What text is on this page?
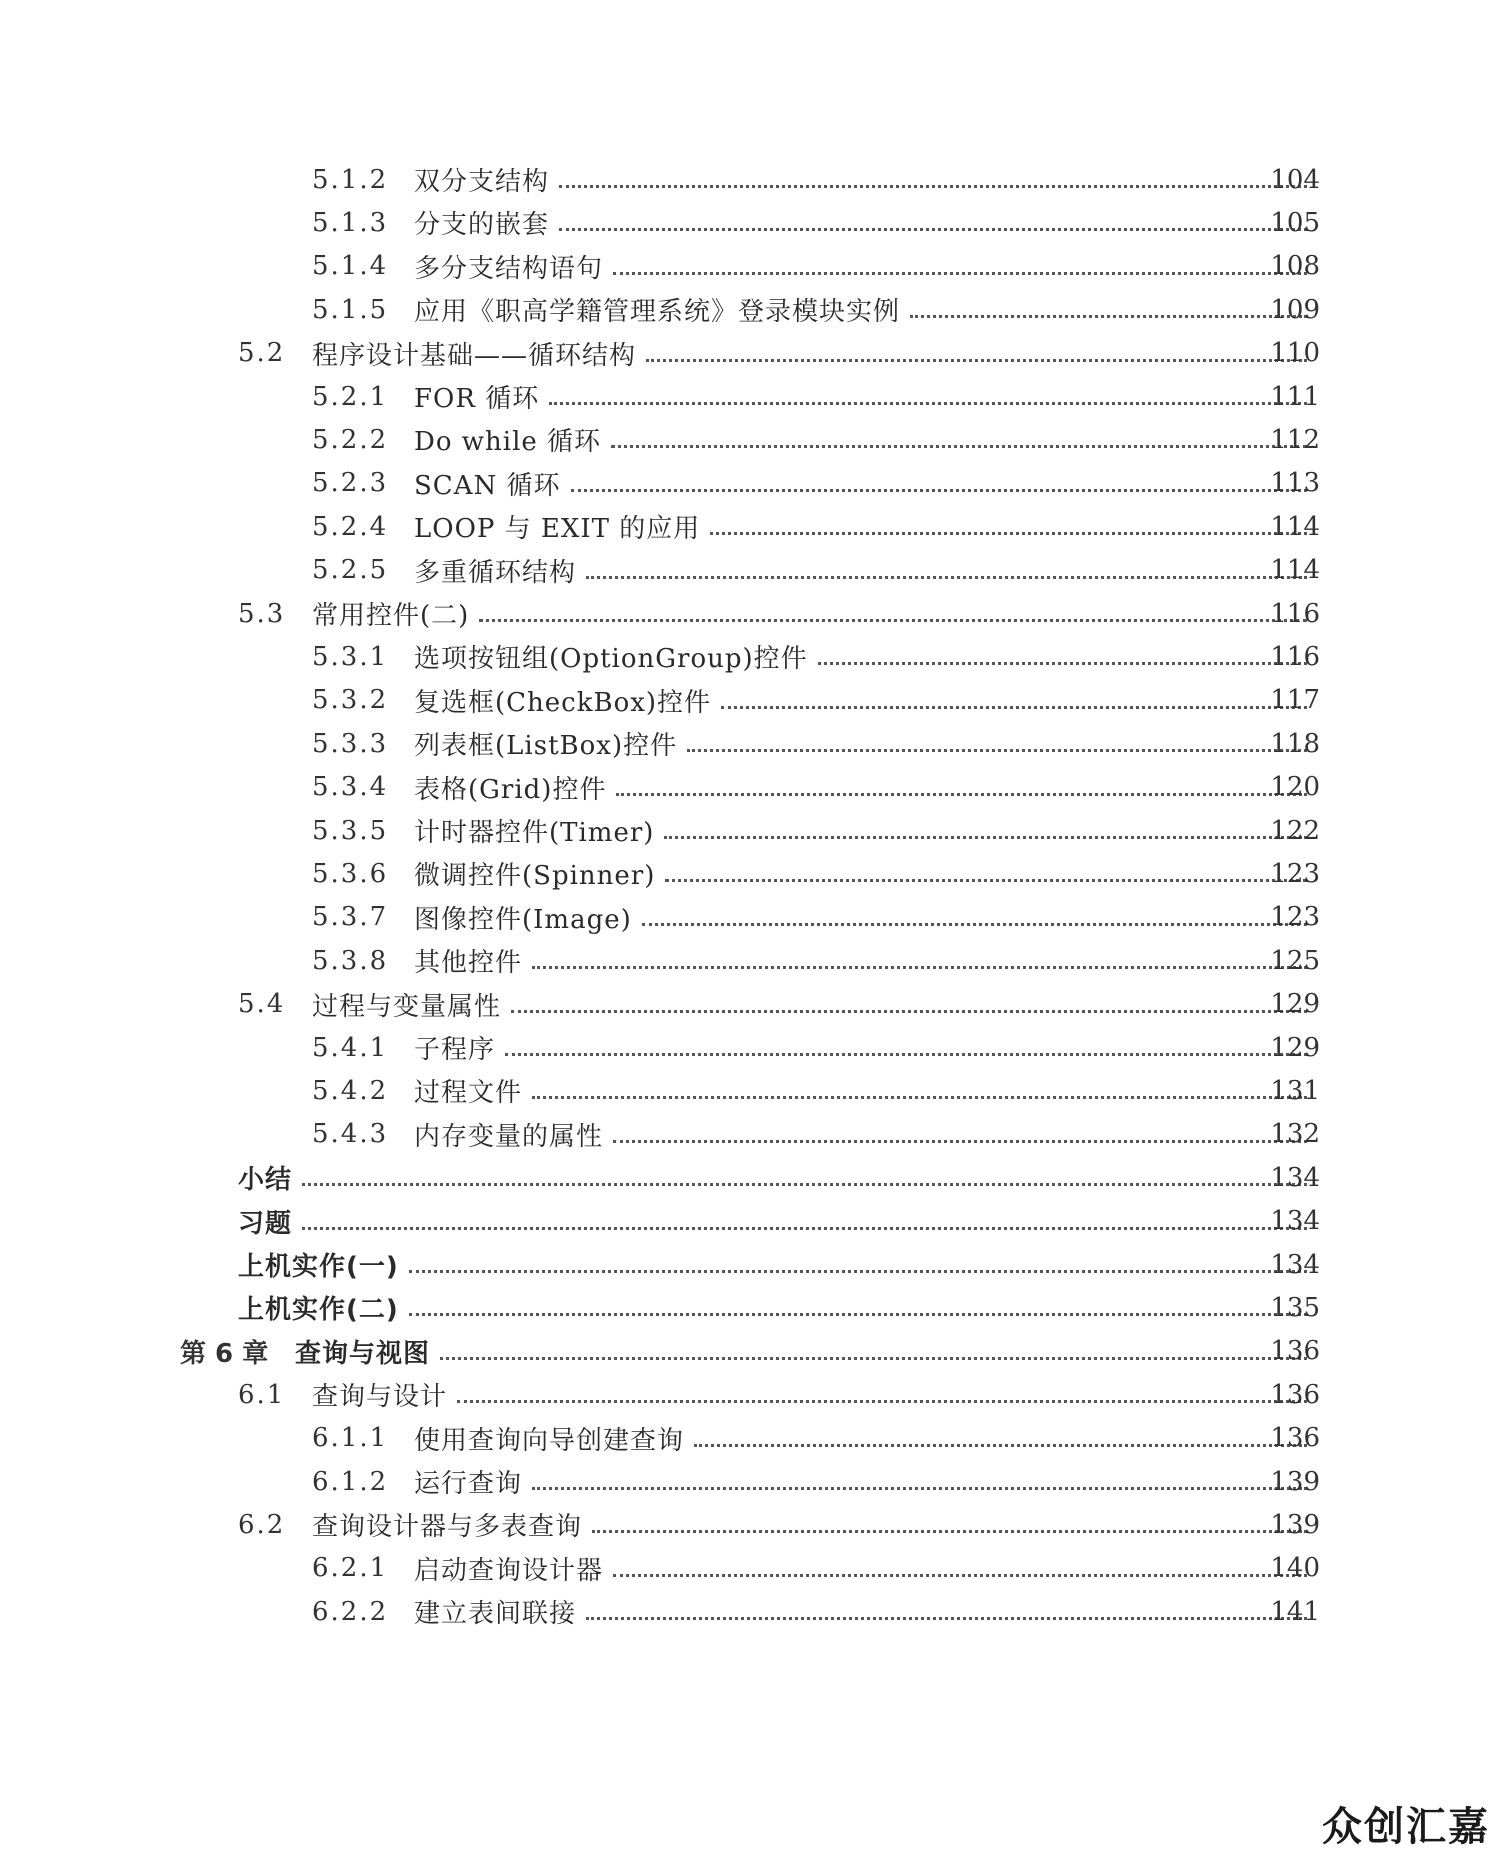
5.1.2 双分支结构	104
5.1.3 分支的嵌套	105
5.1.4 多分支结构语句	108
5.1.5 应用《职高学籍管理系统》登录模块实例	109
5.2 程序设计基础——循环结构	110
5.2.1 FOR 循环	111
5.2.2 Do while 循环	112
5.2.3 SCAN 循环	113
5.2.4 LOOP 与 EXIT 的应用	114
5.2.5 多重循环结构	114
5.3 常用控件(二)	116
5.3.1 选项按钮组(OptionGroup)控件	116
5.3.2 复选框(CheckBox)控件	117
5.3.3 列表框(ListBox)控件	118
5.3.4 表格(Grid)控件	120
5.3.5 计时器控件(Timer)	122
5.3.6 微调控件(Spinner)	123
5.3.7 图像控件(Image)	123
5.3.8 其他控件	125
5.4 过程与变量属性	129
5.4.1 子程序	129
5.4.2 过程文件	131
5.4.3 内存变量的属性	132
小结	134
习题	134
上机实作(一)	134
上机实作(二)	135
第 6 章 查询与视图	136
6.1 查询与设计	136
6.1.1 使用查询向导创建查询	136
6.1.2 运行查询	139
6.2 查询设计器与多表查询	139
6.2.1 启动查询设计器	140
6.2.2 建立表间联接	141
众创汇嘉
